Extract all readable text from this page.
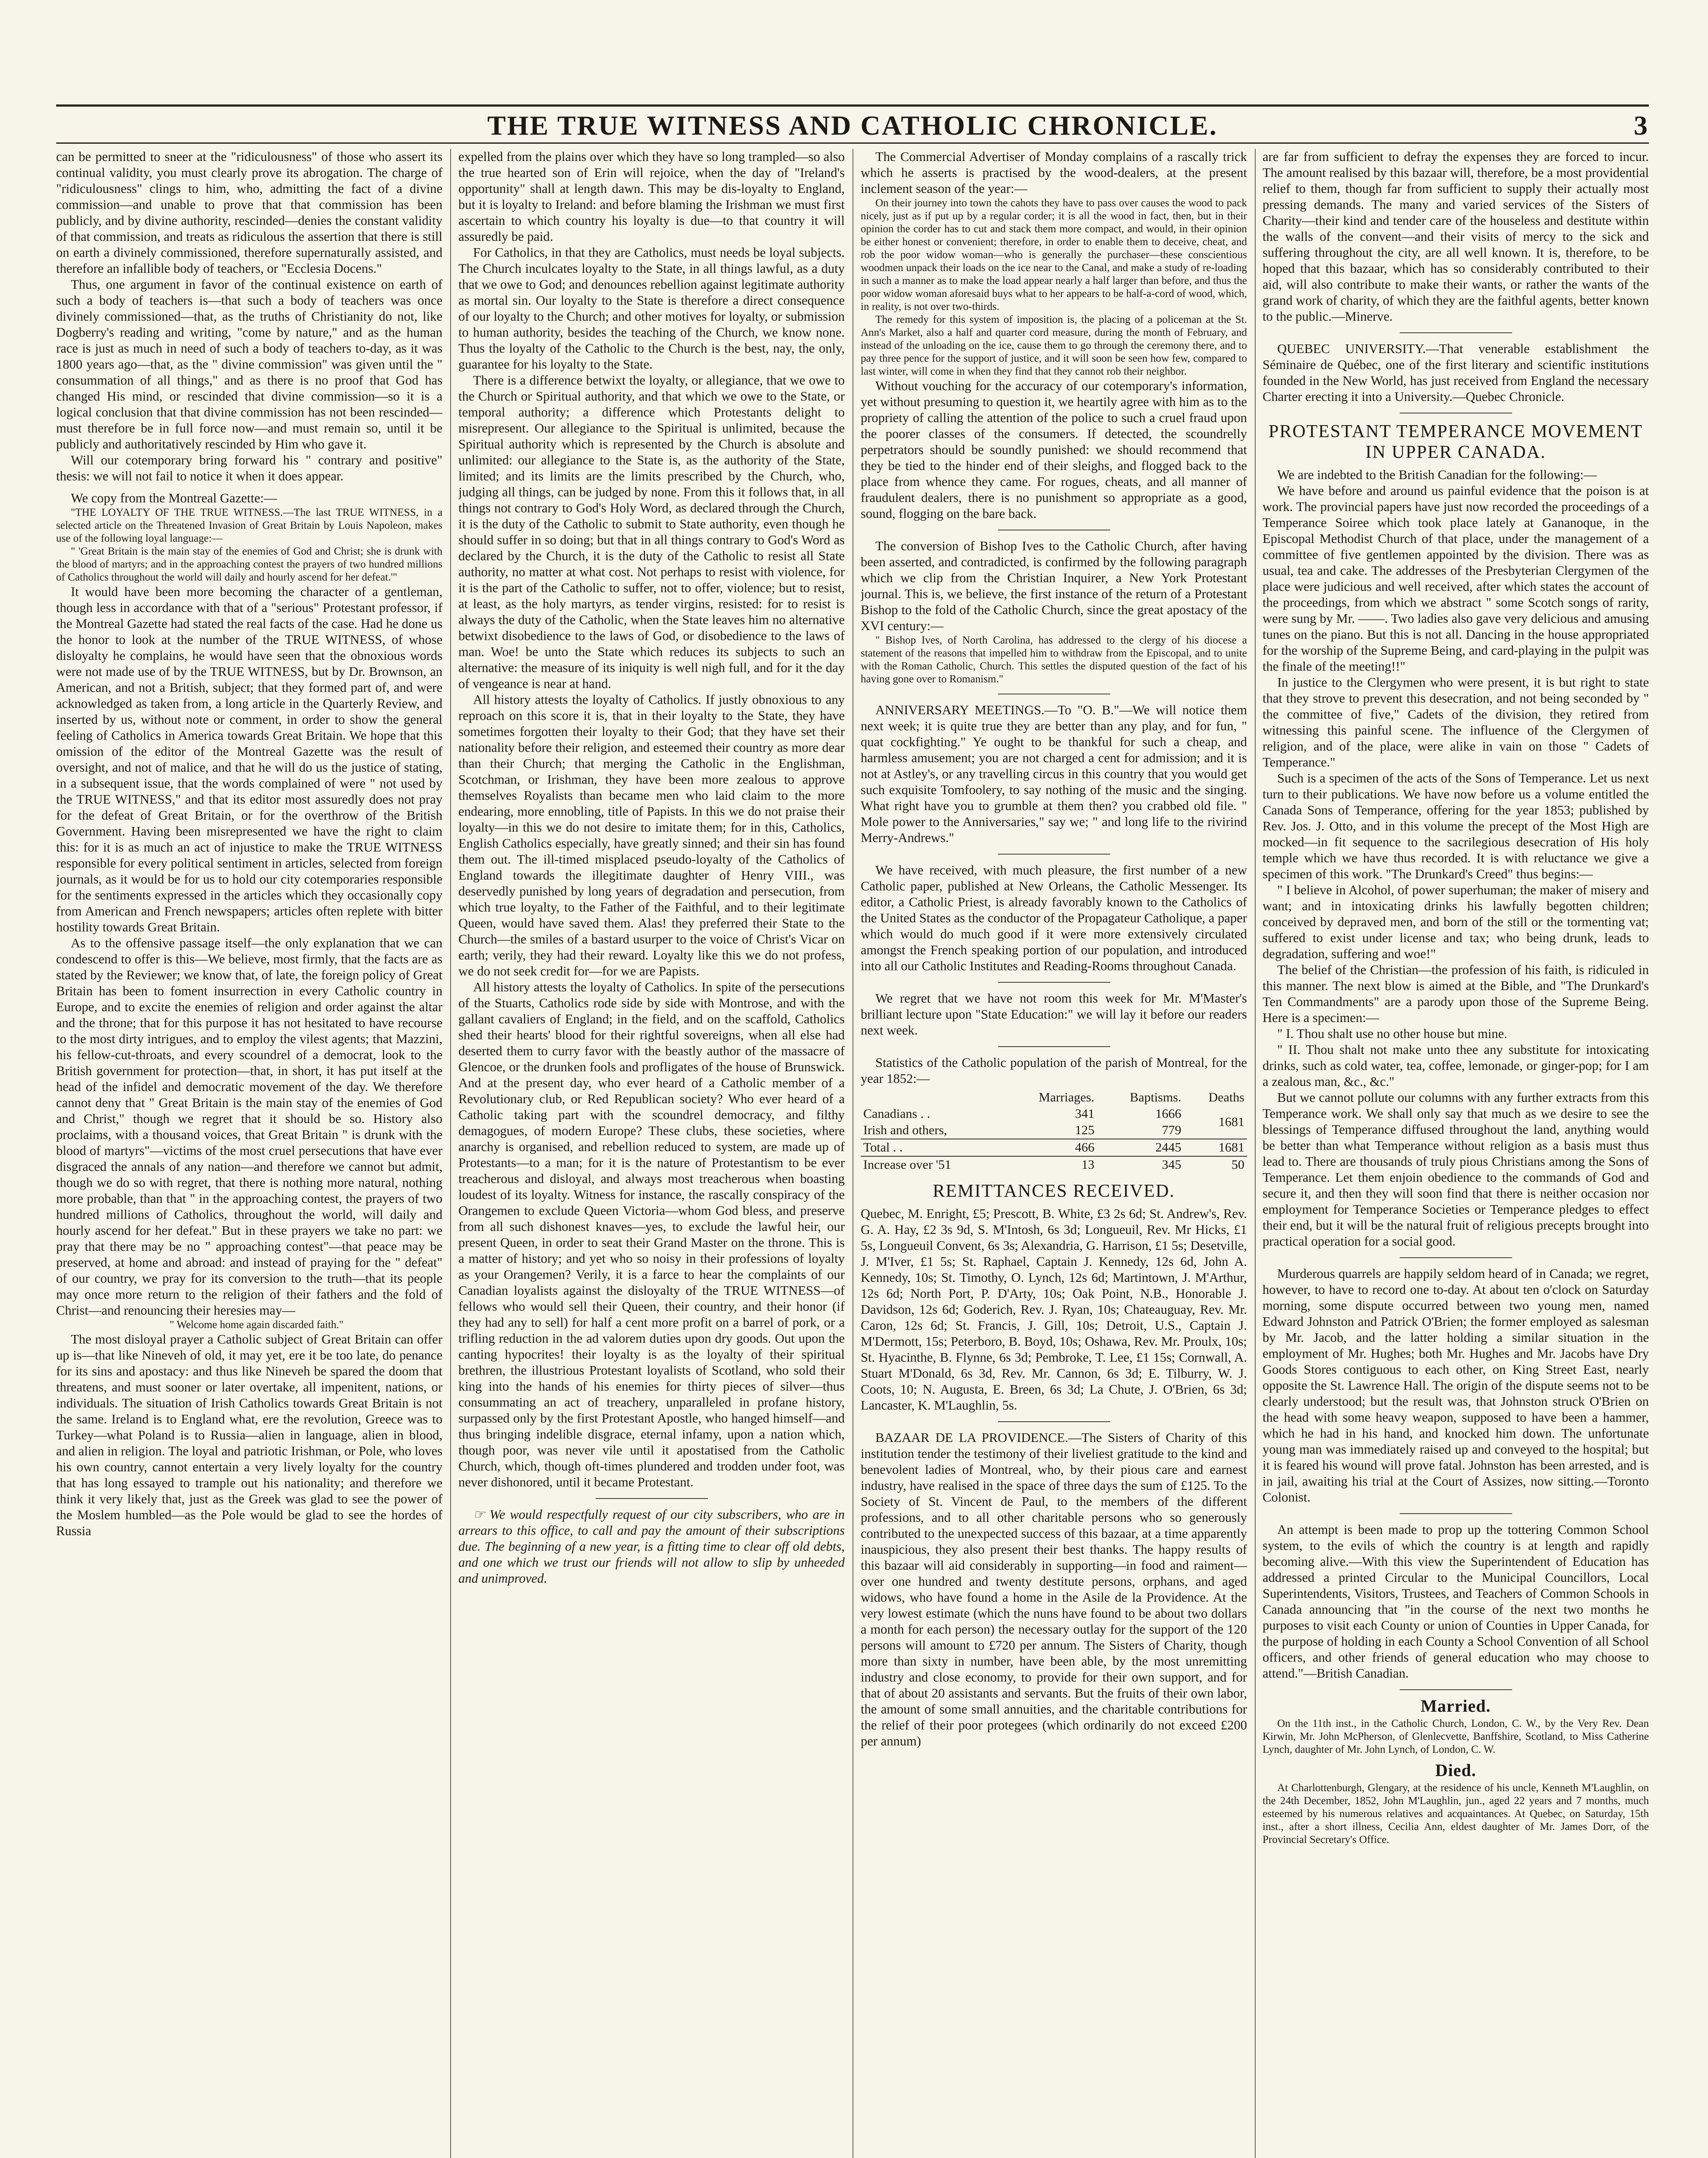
THE TRUE WITNESS AND CATHOLIC CHRONICLE.	3

can be permitted to sneer at the "ridiculousness" of those who assert its continual validity, you must clearly prove its abrogation. The charge of "ridiculousness" clings to him, who, admitting the fact of a divine commission—and unable to prove that that commission has been publicly, and by divine authority, rescinded—denies the constant validity of that commission, and treats as ridiculous the assertion that there is still on earth a divinely commissioned, therefore supernaturally assisted, and therefore an infallible body of teachers, or "Ecclesia Docens."

Thus, one argument in favor of the continual existence on earth of such a body of teachers is—that such a body of teachers was once divinely commissioned—that, as the truths of Christianity do not, like Dogberry's reading and writing, "come by nature," and as the human race is just as much in need of such a body of teachers to-day, as it was 1800 years ago—that, as the " divine commission" was given until the " consummation of all things," and as there is no proof that God has changed His mind, or rescinded that divine commission—so it is a logical conclusion that that divine commission has not been rescinded—must therefore be in full force now—and must remain so, until it be publicly and authoritatively rescinded by Him who gave it.

Will our cotemporary bring forward his " contrary and positive" thesis: we will not fail to notice it when it does appear.

We copy from the Montreal Gazette:—

"THE LOYALTY OF THE TRUE WITNESS.—The last TRUE WITNESS, in a selected article on the Threatened Invasion of Great Britain by Louis Napoleon, makes use of the following loyal language:—

" 'Great Britain is the main stay of the enemies of God and Christ; she is drunk with the blood of martyrs; and in the approaching contest the prayers of two hundred millions of Catholics throughout the world will daily and hourly ascend for her defeat.'"

It would have been more becoming the character of a gentleman, though less in accordance with that of a "serious" Protestant professor, if the Montreal Gazette had stated the real facts of the case. Had he done us the honor to look at the number of the TRUE WITNESS, of whose disloyalty he complains, he would have seen that the obnoxious words were not made use of by the TRUE WITNESS, but by Dr. Brownson, an American, and not a British, subject; that they formed part of, and were acknowledged as taken from, a long article in the Quarterly Review, and inserted by us, without note or comment, in order to show the general feeling of Catholics in America towards Great Britain. We hope that this omission of the editor of the Montreal Gazette was the result of oversight, and not of malice, and that he will do us the justice of stating, in a subsequent issue, that the words complained of were " not used by the TRUE WITNESS," and that its editor most assuredly does not pray for the defeat of Great Britain, or for the overthrow of the British Government. Having been misrepresented we have the right to claim this: for it is as much an act of injustice to make the TRUE WITNESS responsible for every political sentiment in articles, selected from foreign journals, as it would be for us to hold our city cotemporaries responsible for the sentiments expressed in the articles which they occasionally copy from American and French newspapers; articles often replete with bitter hostility towards Great Britain.

As to the offensive passage itself—the only explanation that we can condescend to offer is this—We believe, most firmly, that the facts are as stated by the Reviewer; we know that, of late, the foreign policy of Great Britain has been to foment insurrection in every Catholic country in Europe, and to excite the enemies of religion and order against the altar and the throne; that for this purpose it has not hesitated to have recourse to the most dirty intrigues, and to employ the vilest agents; that Mazzini, his fellow-cut-throats, and every scoundrel of a democrat, look to the British government for protection—that, in short, it has put itself at the head of the infidel and democratic movement of the day. We therefore cannot deny that " Great Britain is the main stay of the enemies of God and Christ," though we regret that it should be so. History also proclaims, with a thousand voices, that Great Britain " is drunk with the blood of martyrs"—victims of the most cruel persecutions that have ever disgraced the annals of any nation—and therefore we cannot but admit, though we do so with regret, that there is nothing more natural, nothing more probable, than that " in the approaching contest, the prayers of two hundred millions of Catholics, throughout the world, will daily and hourly ascend for her defeat." But in these prayers we take no part: we pray that there may be no " approaching contest"—that peace may be preserved, at home and abroad: and instead of praying for the " defeat" of our country, we pray for its conversion to the truth—that its people may once more return to the religion of their fathers and the fold of Christ—and renouncing their heresies may—

" Welcome home again discarded faith."

The most disloyal prayer a Catholic subject of Great Britain can offer up is—that like Nineveh of old, it may yet, ere it be too late, do penance for its sins and apostacy: and thus like Nineveh be spared the doom that threatens, and must sooner or later overtake, all impenitent, nations, or individuals. The situation of Irish Catholics towards Great Britain is not the same. Ireland is to England what, ere the revolution, Greece was to Turkey—what Poland is to Russia—alien in language, alien in blood, and alien in religion. The loyal and patriotic Irishman, or Pole, who loves his own country, cannot entertain a very lively loyalty for the country that has long essayed to trample out his nationality; and therefore we think it very likely that, just as the Greek was glad to see the power of the Moslem humbled—as the Pole would be glad to see the hordes of Russia

expelled from the plains over which they have so long trampled—so also the true hearted son of Erin will rejoice, when the day of "Ireland's opportunity" shall at length dawn. This may be dis-loyalty to England, but it is loyalty to Ireland: and before blaming the Irishman we must first ascertain to which country his loyalty is due—to that country it will assuredly be paid.

For Catholics, in that they are Catholics, must needs be loyal subjects. The Church inculcates loyalty to the State, in all things lawful, as a duty that we owe to God; and denounces rebellion against legitimate authority as mortal sin. Our loyalty to the State is therefore a direct consequence of our loyalty to the Church; and other motives for loyalty, or submission to human authority, besides the teaching of the Church, we know none. Thus the loyalty of the Catholic to the Church is the best, nay, the only, guarantee for his loyalty to the State.

There is a difference betwixt the loyalty, or allegiance, that we owe to the Church or Spiritual authority, and that which we owe to the State, or temporal authority; a difference which Protestants delight to misrepresent. Our allegiance to the Spiritual is unlimited, because the Spiritual authority which is represented by the Church is absolute and unlimited: our allegiance to the State is, as the authority of the State, limited; and its limits are the limits prescribed by the Church, who, judging all things, can be judged by none. From this it follows that, in all things not contrary to God's Holy Word, as declared through the Church, it is the duty of the Catholic to submit to State authority, even though he should suffer in so doing; but that in all things contrary to God's Word as declared by the Church, it is the duty of the Catholic to resist all State authority, no matter at what cost. Not perhaps to resist with violence, for it is the part of the Catholic to suffer, not to offer, violence; but to resist, at least, as the holy martyrs, as tender virgins, resisted: for to resist is always the duty of the Catholic, when the State leaves him no alternative betwixt disobedience to the laws of God, or disobedience to the laws of man. Woe! be unto the State which reduces its subjects to such an alternative: the measure of its iniquity is well nigh full, and for it the day of vengeance is near at hand.

All history attests the loyalty of Catholics. If justly obnoxious to any reproach on this score it is, that in their loyalty to the State, they have sometimes forgotten their loyalty to their God; that they have set their nationality before their religion, and esteemed their country as more dear than their Church; that merging the Catholic in the Englishman, Scotchman, or Irishman, they have been more zealous to approve themselves Royalists than became men who laid claim to the more endearing, more ennobling, title of Papists. In this we do not praise their loyalty—in this we do not desire to imitate them; for in this, Catholics, English Catholics especially, have greatly sinned; and their sin has found them out. The ill-timed misplaced pseudo-loyalty of the Catholics of England towards the illegitimate daughter of Henry VIII., was deservedly punished by long years of degradation and persecution, from which true loyalty, to the Father of the Faithful, and to their legitimate Queen, would have saved them. Alas! they preferred their State to the Church—the smiles of a bastard usurper to the voice of Christ's Vicar on earth; verily, they had their reward. Loyalty like this we do not profess, we do not seek credit for—for we are Papists.

All history attests the loyalty of Catholics. In spite of the persecutions of the Stuarts, Catholics rode side by side with Montrose, and with the gallant cavaliers of England; in the field, and on the scaffold, Catholics shed their hearts' blood for their rightful sovereigns, when all else had deserted them to curry favor with the beastly author of the massacre of Glencoe, or the drunken fools and profligates of the house of Brunswick. And at the present day, who ever heard of a Catholic member of a Revolutionary club, or Red Republican society? Who ever heard of a Catholic taking part with the scoundrel democracy, and filthy demagogues, of modern Europe? These clubs, these societies, where anarchy is organised, and rebellion reduced to system, are made up of Protestants—to a man; for it is the nature of Protestantism to be ever treacherous and disloyal, and always most treacherous when boasting loudest of its loyalty. Witness for instance, the rascally conspiracy of the Orangemen to exclude Queen Victoria—whom God bless, and preserve from all such dishonest knaves—yes, to exclude the lawful heir, our present Queen, in order to seat their Grand Master on the throne. This is a matter of history; and yet who so noisy in their professions of loyalty as your Orangemen? Verily, it is a farce to hear the complaints of our Canadian loyalists against the disloyalty of the TRUE WITNESS—of fellows who would sell their Queen, their country, and their honor (if they had any to sell) for half a cent more profit on a barrel of pork, or a trifling reduction in the ad valorem duties upon dry goods. Out upon the canting hypocrites! their loyalty is as the loyalty of their spiritual brethren, the illustrious Protestant loyalists of Scotland, who sold their king into the hands of his enemies for thirty pieces of silver—thus consummating an act of treachery, unparalleled in profane history, surpassed only by the first Protestant Apostle, who hanged himself—and thus bringing indelible disgrace, eternal infamy, upon a nation which, though poor, was never vile until it apostatised from the Catholic Church, which, though oft-times plundered and trodden under foot, was never dishonored, until it became Protestant.

☞ We would respectfully request of our city subscribers, who are in arrears to this office, to call and pay the amount of their subscriptions due. The beginning of a new year, is a fitting time to clear off old debts, and one which we trust our friends will not allow to slip by unheeded and unimproved.

The Commercial Advertiser of Monday complains of a rascally trick which he asserts is practised by the wood-dealers, at the present inclement season of the year:—

On their journey into town the cahots they have to pass over causes the wood to pack nicely, just as if put up by a regular corder; it is all the wood in fact, then, but in their opinion the corder has to cut and stack them more compact, and would, in their opinion be either honest or convenient; therefore, in order to enable them to deceive, cheat, and rob the poor widow woman—who is generally the purchaser—these conscientious woodmen unpack their loads on the ice near to the Canal, and make a study of re-loading in such a manner as to make the load appear nearly a half larger than before, and thus the poor widow woman aforesaid buys what to her appears to be half-a-cord of wood, which, in reality, is not over two-thirds.

The remedy for this system of imposition is, the placing of a policeman at the St. Ann's Market, also a half and quarter cord measure, during the month of February, and instead of the unloading on the ice, cause them to go through the ceremony there, and to pay three pence for the support of justice, and it will soon be seen how few, compared to last winter, will come in when they find that they cannot rob their neighbor.

Without vouching for the accuracy of our cotemporary's information, yet without presuming to question it, we heartily agree with him as to the propriety of calling the attention of the police to such a cruel fraud upon the poorer classes of the consumers. If detected, the scoundrelly perpetrators should be soundly punished: we should recommend that they be tied to the hinder end of their sleighs, and flogged back to the place from whence they came. For rogues, cheats, and all manner of fraudulent dealers, there is no punishment so appropriate as a good, sound, flogging on the bare back.

The conversion of Bishop Ives to the Catholic Church, after having been asserted, and contradicted, is confirmed by the following paragraph which we clip from the Christian Inquirer, a New York Protestant journal. This is, we believe, the first instance of the return of a Protestant Bishop to the fold of the Catholic Church, since the great apostacy of the XVI century:—

" Bishop Ives, of North Carolina, has addressed to the clergy of his diocese a statement of the reasons that impelled him to withdraw from the Episcopal, and to unite with the Roman Catholic, Church. This settles the disputed question of the fact of his having gone over to Romanism."

ANNIVERSARY MEETINGS.—To "O. B."—We will notice them next week; it is quite true they are better than any play, and for fun, " quat cockfighting." Ye ought to be thankful for such a cheap, and harmless amusement; you are not charged a cent for admission; and it is not at Astley's, or any travelling circus in this country that you would get such exquisite Tomfoolery, to say nothing of the music and the singing. What right have you to grumble at them then? you crabbed old file. " Mole power to the Anniversaries," say we; " and long life to the rivirind Merry-Andrews."

We have received, with much pleasure, the first number of a new Catholic paper, published at New Orleans, the Catholic Messenger. Its editor, a Catholic Priest, is already favorably known to the Catholics of the United States as the conductor of the Propagateur Catholique, a paper which would do much good if it were more extensively circulated amongst the French speaking portion of our population, and introduced into all our Catholic Institutes and Reading-Rooms throughout Canada.

We regret that we have not room this week for Mr. M'Master's brilliant lecture upon "State Education:" we will lay it before our readers next week.

Statistics of the Catholic population of the parish of Montreal, for the year 1852:—

	Marriages.	Baptisms.	Deaths
Canadians . .	341	1666	1681
Irish and others,	125	779	
Total . .	466	2445	1681
Increase over '51	13	345	50
REMITTANCES RECEIVED.

Quebec, M. Enright, £5; Prescott, B. White, £3 2s 6d; St. Andrew's, Rev. G. A. Hay, £2 3s 9d, S. M'Intosh, 6s 3d; Longueuil, Rev. Mr Hicks, £1 5s, Longueuil Convent, 6s 3s; Alexandria, G. Harrison, £1 5s; Desetville, J. M'Iver, £1 5s; St. Raphael, Captain J. Kennedy, 12s 6d, John A. Kennedy, 10s; St. Timothy, O. Lynch, 12s 6d; Martintown, J. M'Arthur, 12s 6d; North Port, P. D'Arty, 10s; Oak Point, N.B., Honorable J. Davidson, 12s 6d; Goderich, Rev. J. Ryan, 10s; Chateauguay, Rev. Mr. Caron, 12s 6d; St. Francis, J. Gill, 10s; Detroit, U.S., Captain J. M'Dermott, 15s; Peterboro, B. Boyd, 10s; Oshawa, Rev. Mr. Proulx, 10s; St. Hyacinthe, B. Flynne, 6s 3d; Pembroke, T. Lee, £1 15s; Cornwall, A. Stuart M'Donald, 6s 3d, Rev. Mr. Cannon, 6s 3d; E. Tilburry, W. J. Coots, 10; N. Augusta, E. Breen, 6s 3d; La Chute, J. O'Brien, 6s 3d; Lancaster, K. M'Laughlin, 5s.

BAZAAR DE LA PROVIDENCE.—The Sisters of Charity of this institution tender the testimony of their liveliest gratitude to the kind and benevolent ladies of Montreal, who, by their pious care and earnest industry, have realised in the space of three days the sum of £125. To the Society of St. Vincent de Paul, to the members of the different professions, and to all other charitable persons who so generously contributed to the unexpected success of this bazaar, at a time apparently inauspicious, they also present their best thanks. The happy results of this bazaar will aid considerably in supporting—in food and raiment—over one hundred and twenty destitute persons, orphans, and aged widows, who have found a home in the Asile de la Providence. At the very lowest estimate (which the nuns have found to be about two dollars a month for each person) the necessary outlay for the support of the 120 persons will amount to £720 per annum. The Sisters of Charity, though more than sixty in number, have been able, by the most unremitting industry and close economy, to provide for their own support, and for that of about 20 assistants and servants. But the fruits of their own labor, the amount of some small annuities, and the charitable contributions for the relief of their poor protegees (which ordinarily do not exceed £200 per annum)

are far from sufficient to defray the expenses they are forced to incur. The amount realised by this bazaar will, therefore, be a most providential relief to them, though far from sufficient to supply their actually most pressing demands. The many and varied services of the Sisters of Charity—their kind and tender care of the houseless and destitute within the walls of the convent—and their visits of mercy to the sick and suffering throughout the city, are all well known. It is, therefore, to be hoped that this bazaar, which has so considerably contributed to their aid, will also contribute to make their wants, or rather the wants of the grand work of charity, of which they are the faithful agents, better known to the public.—Minerve.

QUEBEC UNIVERSITY.—That venerable establishment the Séminaire de Québec, one of the first literary and scientific institutions founded in the New World, has just received from England the necessary Charter erecting it into a University.—Quebec Chronicle.

PROTESTANT TEMPERANCE MOVEMENT IN UPPER CANADA.

We are indebted to the British Canadian for the following:—

We have before and around us painful evidence that the poison is at work. The provincial papers have just now recorded the proceedings of a Temperance Soiree which took place lately at Gananoque, in the Episcopal Methodist Church of that place, under the management of a committee of five gentlemen appointed by the division. There was as usual, tea and cake. The addresses of the Presbyterian Clergymen of the place were judicious and well received, after which states the account of the proceedings, from which we abstract " some Scotch songs of rarity, were sung by Mr. ——. Two ladies also gave very delicious and amusing tunes on the piano. But this is not all. Dancing in the house appropriated for the worship of the Supreme Being, and card-playing in the pulpit was the finale of the meeting!!"

In justice to the Clergymen who were present, it is but right to state that they strove to prevent this desecration, and not being seconded by " the committee of five," Cadets of the division, they retired from witnessing this painful scene. The influence of the Clergymen of religion, and of the place, were alike in vain on those " Cadets of Temperance."

Such is a specimen of the acts of the Sons of Temperance. Let us next turn to their publications. We have now before us a volume entitled the Canada Sons of Temperance, offering for the year 1853; published by Rev. Jos. J. Otto, and in this volume the precept of the Most High are mocked—in fit sequence to the sacrilegious desecration of His holy temple which we have thus recorded. It is with reluctance we give a specimen of this work. "The Drunkard's Creed" thus begins:—

" I believe in Alcohol, of power superhuman; the maker of misery and want; and in intoxicating drinks his lawfully begotten children; conceived by depraved men, and born of the still or the tormenting vat; suffered to exist under license and tax; who being drunk, leads to degradation, suffering and woe!"

The belief of the Christian—the profession of his faith, is ridiculed in this manner. The next blow is aimed at the Bible, and "The Drunkard's Ten Commandments" are a parody upon those of the Supreme Being. Here is a specimen:—

" I. Thou shalt use no other house but mine.

" II. Thou shalt not make unto thee any substitute for intoxicating drinks, such as cold water, tea, coffee, lemonade, or ginger-pop; for I am a zealous man, &c., &c."

But we cannot pollute our columns with any further extracts from this Temperance work. We shall only say that much as we desire to see the blessings of Temperance diffused throughout the land, anything would be better than what Temperance without religion as a basis must thus lead to. There are thousands of truly pious Christians among the Sons of Temperance. Let them enjoin obedience to the commands of God and secure it, and then they will soon find that there is neither occasion nor employment for Temperance Societies or Temperance pledges to effect their end, but it will be the natural fruit of religious precepts brought into practical operation for a social good.

Murderous quarrels are happily seldom heard of in Canada; we regret, however, to have to record one to-day. At about ten o'clock on Saturday morning, some dispute occurred between two young men, named Edward Johnston and Patrick O'Brien; the former employed as salesman by Mr. Jacob, and the latter holding a similar situation in the employment of Mr. Hughes; both Mr. Hughes and Mr. Jacobs have Dry Goods Stores contiguous to each other, on King Street East, nearly opposite the St. Lawrence Hall. The origin of the dispute seems not to be clearly understood; but the result was, that Johnston struck O'Brien on the head with some heavy weapon, supposed to have been a hammer, which he had in his hand, and knocked him down. The unfortunate young man was immediately raised up and conveyed to the hospital; but it is feared his wound will prove fatal. Johnston has been arrested, and is in jail, awaiting his trial at the Court of Assizes, now sitting.—Toronto Colonist.

An attempt is been made to prop up the tottering Common School system, to the evils of which the country is at length and rapidly becoming alive.—With this view the Superintendent of Education has addressed a printed Circular to the Municipal Councillors, Local Superintendents, Visitors, Trustees, and Teachers of Common Schools in Canada announcing that "in the course of the next two months he purposes to visit each County or union of Counties in Upper Canada, for the purpose of holding in each County a School Convention of all School officers, and other friends of general education who may choose to attend."—British Canadian.

Married.

On the 11th inst., in the Catholic Church, London, C. W., by the Very Rev. Dean Kirwin, Mr. John McPherson, of Glenlecvette, Banffshire, Scotland, to Miss Catherine Lynch, daughter of Mr. John Lynch, of London, C. W.

Died.

At Charlottenburgh, Glengary, at the residence of his uncle, Kenneth M'Laughlin, on the 24th December, 1852, John M'Laughlin, jun., aged 22 years and 7 months, much esteemed by his numerous relatives and acquaintances. At Quebec, on Saturday, 15th inst., after a short illness, Cecilia Ann, eldest daughter of Mr. James Dorr, of the Provincial Secretary's Office.
